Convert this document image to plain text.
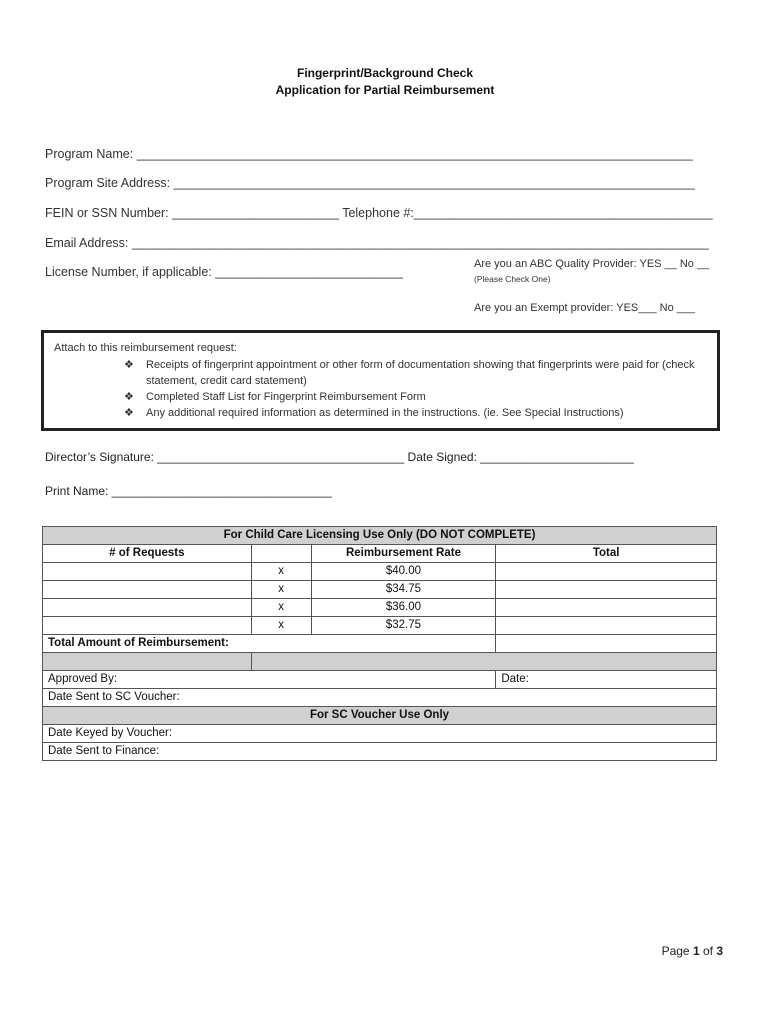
Fingerprint/Background Check
Application for Partial Reimbursement
Program Name: ________________________________________________________________________________
Program Site Address: ___________________________________________________________________________
FEIN or SSN Number: ________________________ Telephone #:___________________________________________
Email Address: ___________________________________________________________________________________
License Number, if applicable: ___________________________
Are you an ABC Quality Provider: YES __ No __
(Please Check One)
Are you an Exempt provider: YES___ No ___
Attach to this reimbursement request:
❖ Receipts of fingerprint appointment or other form of documentation showing that fingerprints were paid for (check statement, credit card statement)
❖ Completed Staff List for Fingerprint Reimbursement Form
❖ Any additional required information as determined in the instructions. (ie. See Special Instructions)
Director’s Signature: _____________________________________ Date Signed: _______________________
Print Name: _________________________________
For Child Care Licensing Use Only (DO NOT COMPLETE)			
# of Requests		Reimbursement Rate	Total
	x	$40.00	
	x	$34.75	
	x	$36.00	
	x	$32.75	
Total Amount of Reimbursement:			

Approved By:			Date:
Date Sent to SC Voucher:			
For SC Voucher Use Only			
Date Keyed by Voucher:			
Date Sent to Finance:			
Page 1 of 3
